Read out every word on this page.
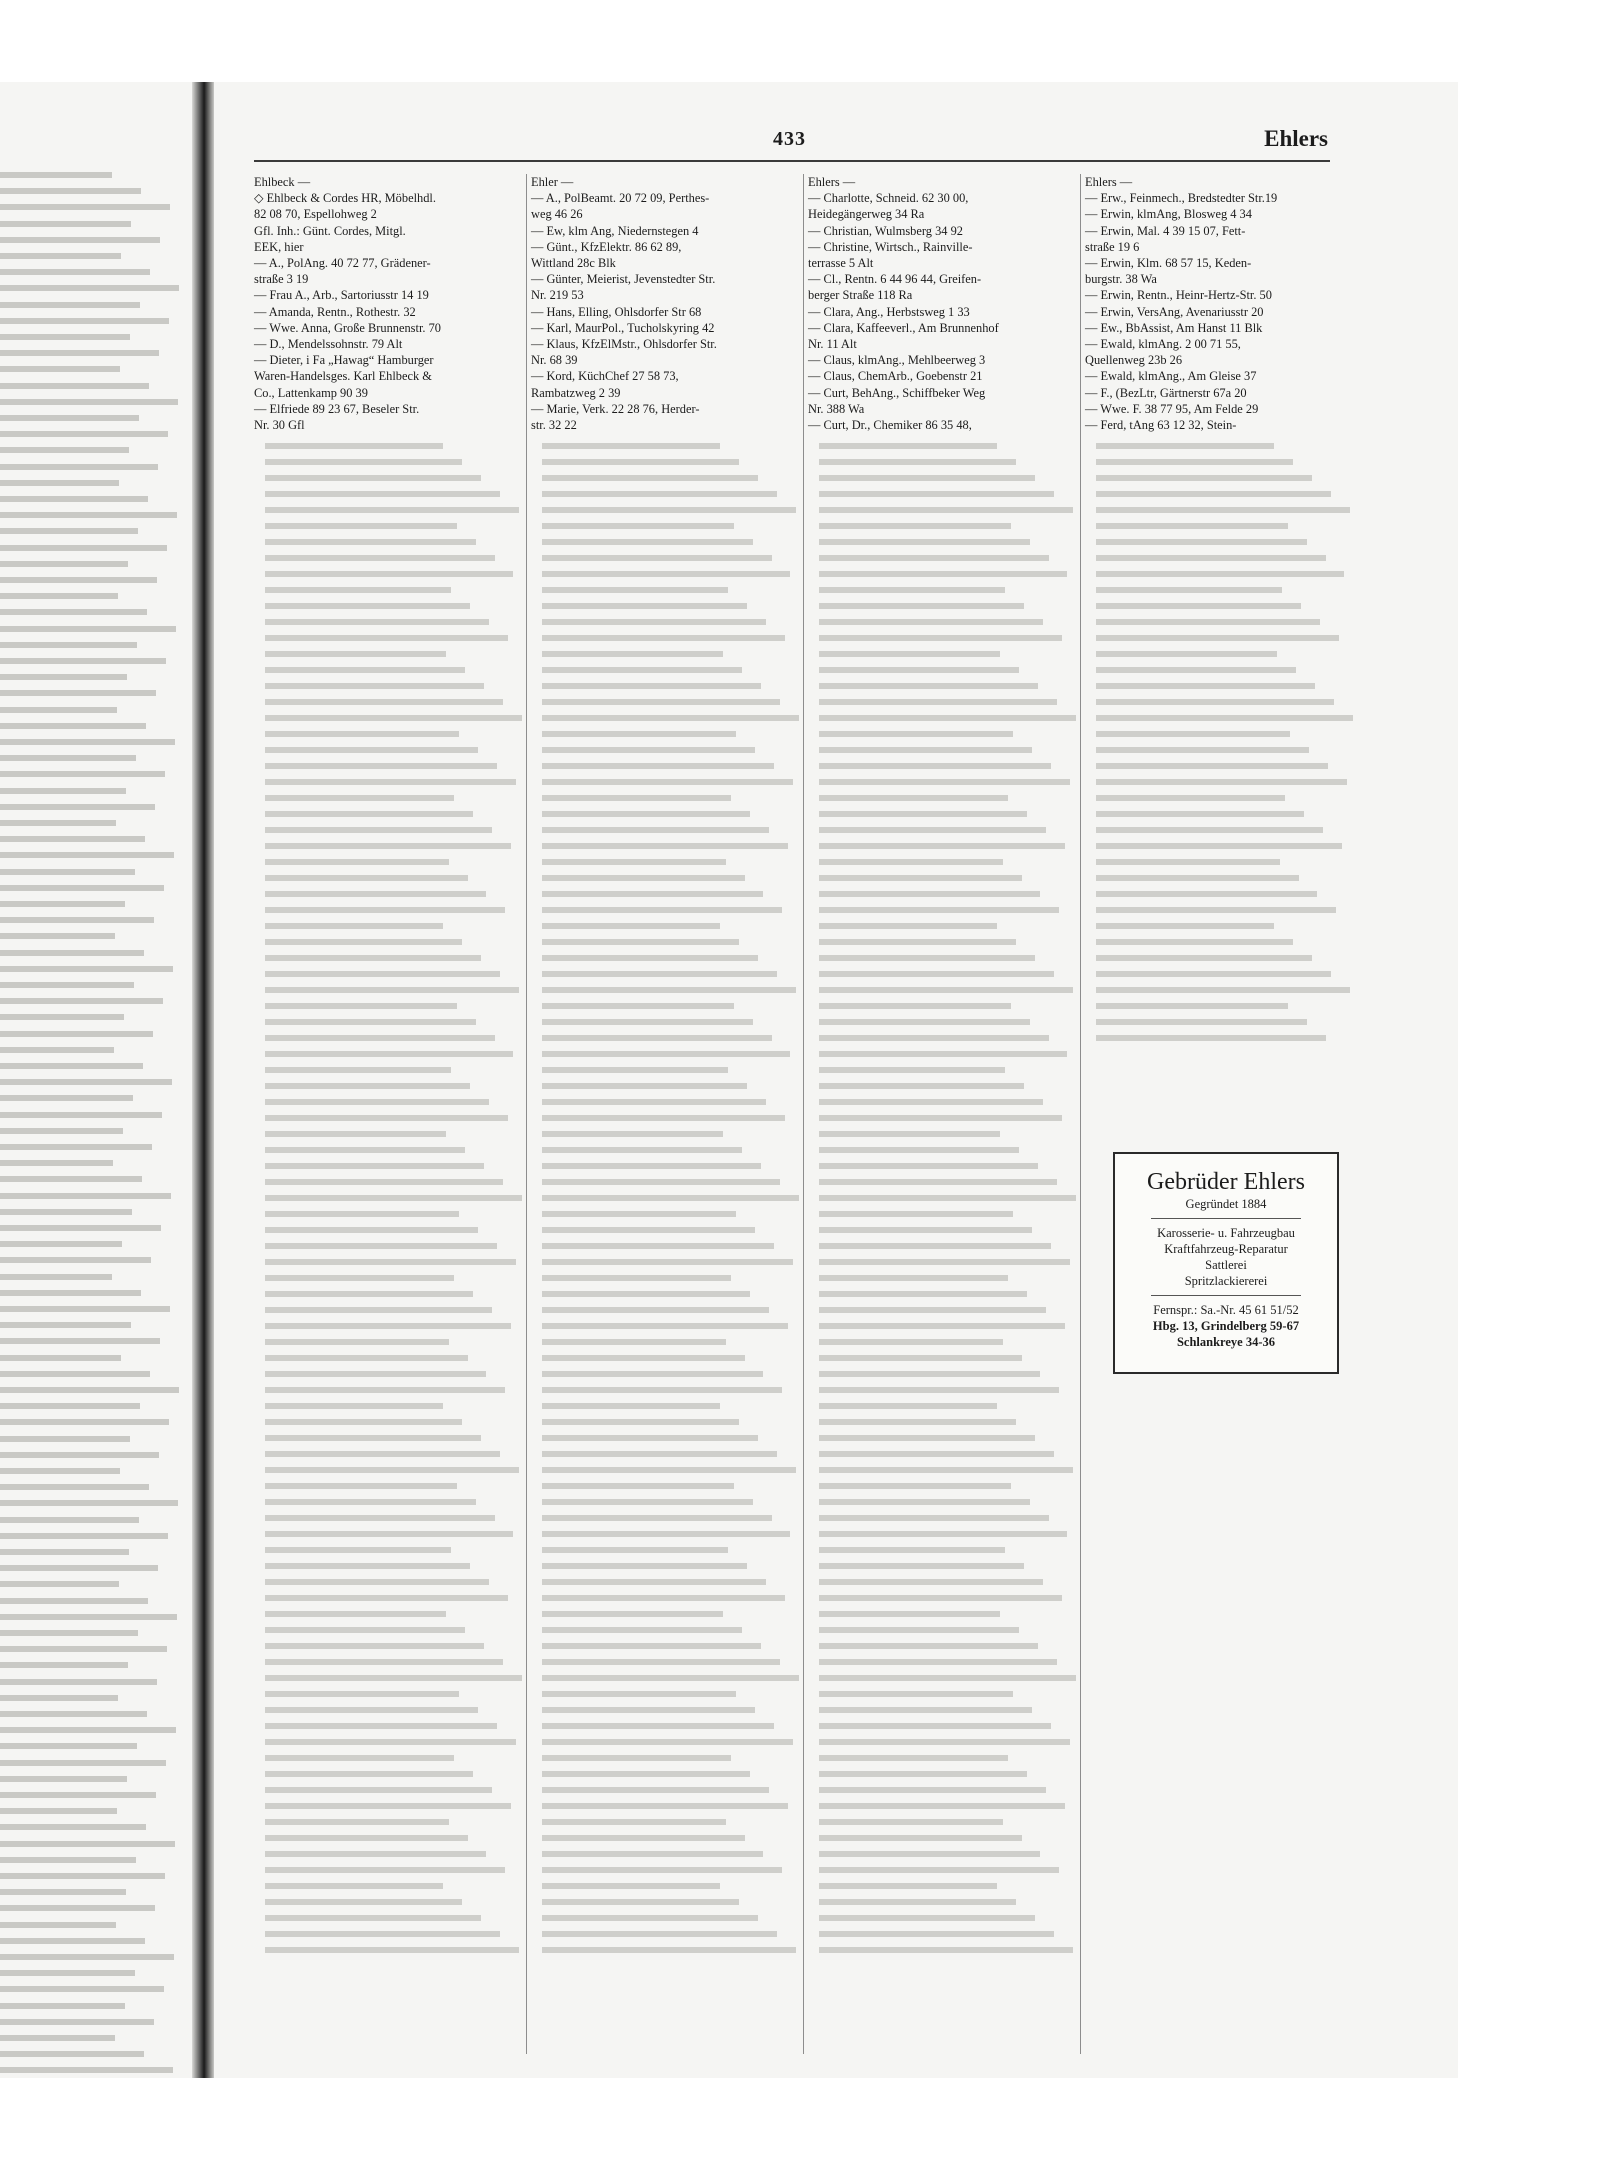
433	Ehlers

Ehlbeck —

◇ Ehlbeck & Cordes HR, Möbelhdl.

82 08 70, Espellohweg 2

Gfl. Inh.: Günt. Cordes, Mitgl.

EEK, hier

— A., PolAng. 40 72 77, Grädener-

straße 3 19

— Frau A., Arb., Sartoriusstr 14 19

— Amanda, Rentn., Rothestr. 32

— Wwe. Anna, Große Brunnenstr. 70

— D., Mendelssohnstr. 79 Alt

— Dieter, i Fa „Hawag“ Hamburger

Waren-Handelsges. Karl Ehlbeck &

Co., Lattenkamp 90 39

— Elfriede 89 23 67, Beseler Str.

Nr. 30 Gfl

Ehler —

— A., PolBeamt. 20 72 09, Perthes-

weg 46 26

— Ew, klm Ang, Niedernstegen 4

— Günt., KfzElektr. 86 62 89,

Wittland 28c Blk

— Günter, Meierist, Jevenstedter Str.

Nr. 219 53

— Hans, Elling, Ohlsdorfer Str 68

— Karl, MaurPol., Tucholskyring 42

— Klaus, KfzElMstr., Ohlsdorfer Str.

Nr. 68 39

— Kord, KüchChef 27 58 73,

Rambatzweg 2 39

— Marie, Verk. 22 28 76, Herder-

str. 32 22

Ehlers —

— Charlotte, Schneid. 62 30 00,

Heidegängerweg 34 Ra

— Christian, Wulmsberg 34 92

— Christine, Wirtsch., Rainville-

terrasse 5 Alt

— Cl., Rentn. 6 44 96 44, Greifen-

berger Straße 118 Ra

— Clara, Ang., Herbstsweg 1 33

— Clara, Kaffeeverl., Am Brunnenhof

Nr. 11 Alt

— Claus, klmAng., Mehlbeerweg 3

— Claus, ChemArb., Goebenstr 21

— Curt, BehAng., Schiffbeker Weg

Nr. 388 Wa

— Curt, Dr., Chemiker 86 35 48,

Ehlers —

— Erw., Feinmech., Bredstedter Str.19

— Erwin, klmAng, Blosweg 4 34

— Erwin, Mal. 4 39 15 07, Fett-

straße 19 6

— Erwin, Klm. 68 57 15, Keden-

burgstr. 38 Wa

— Erwin, Rentn., Heinr-Hertz-Str. 50

— Erwin, VersAng, Avenariusstr 20

— Ew., BbAssist, Am Hanst 11 Blk

— Ewald, klmAng. 2 00 71 55,

Quellenweg 23b 26

— Ewald, klmAng., Am Gleise 37

— F., (BezLtr, Gärtnerstr 67a 20

— Wwe. F. 38 77 95, Am Felde 29

— Ferd, tAng 63 12 32, Stein-

Gebrüder Ehlers
Gegründet 1884
Karosserie- u. Fahrzeugbau
Kraftfahrzeug-Reparatur
Sattlerei
Spritzlackiererei
Fernspr.: Sa.-Nr. 45 61 51/52
Hbg. 13, Grindelberg 59-67
Schlankreye 34-36
